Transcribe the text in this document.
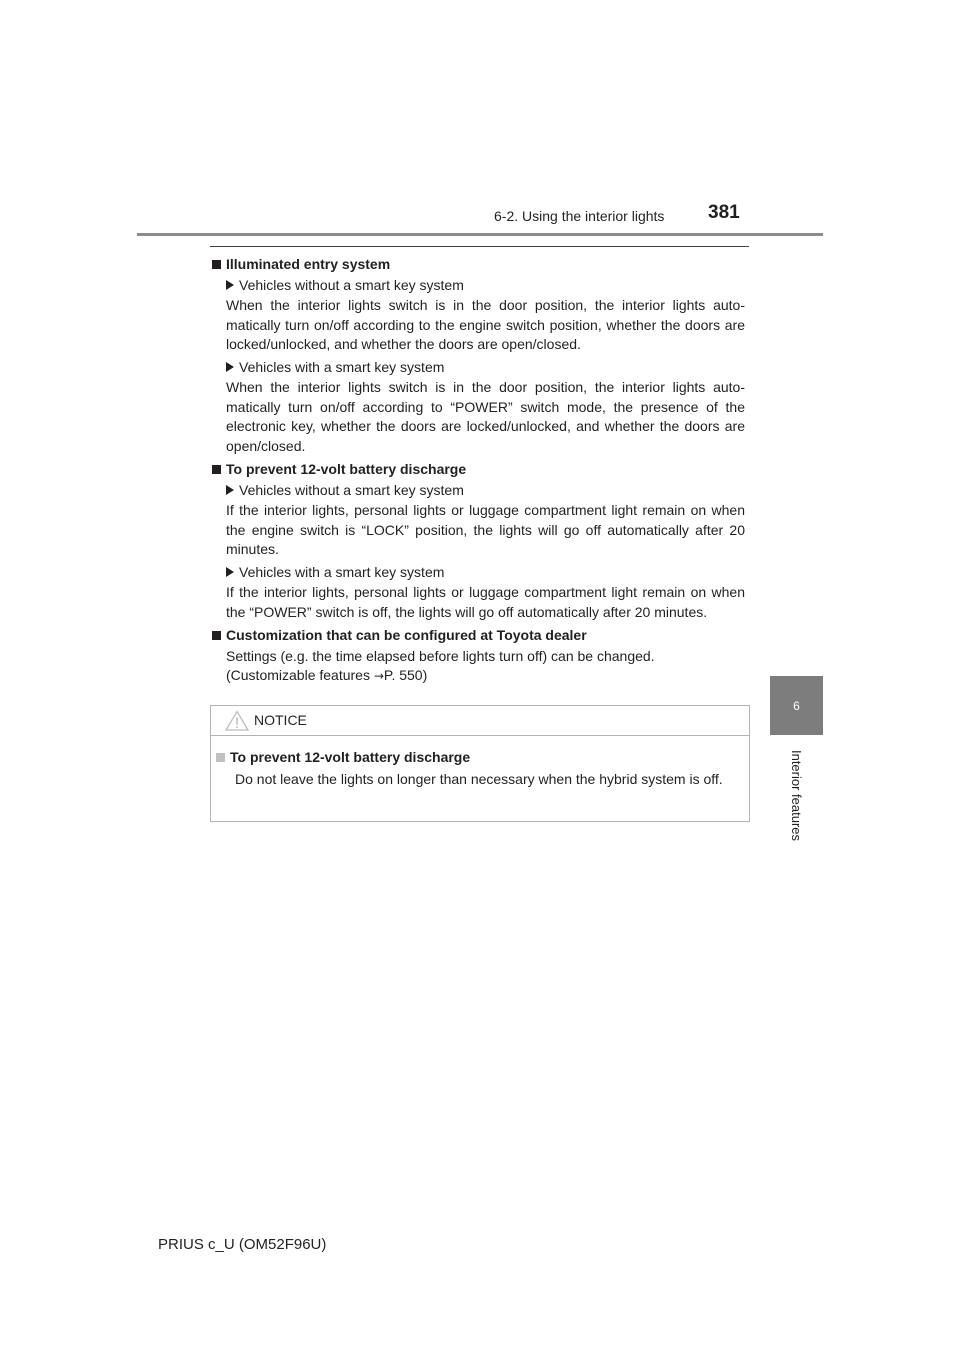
6-2. Using the interior lights 381
6
Interior features
Illuminated entry system
Vehicles without a smart key system
When the interior lights switch is in the door position, the interior lights auto- matically turn on/off according to the engine switch position, whether the doors are locked/unlocked, and whether the doors are open/closed.
Vehicles with a smart key system
When the interior lights switch is in the door position, the interior lights auto- matically turn on/off according to “POWER” switch mode, the presence of the electronic key, whether the doors are locked/unlocked, and whether the doors are open/closed.
To prevent 12-volt battery discharge
Vehicles without a smart key system
If the interior lights, personal lights or luggage compartment light remain on when the engine switch is “LOCK” position, the lights will go off automatically after 20 minutes.
Vehicles with a smart key system
If the interior lights, personal lights or luggage compartment light remain on when the “POWER” switch is off, the lights will go off automatically after 20 minutes.
Customization that can be configured at Toyota dealer
Settings (e.g. the time elapsed before lights turn off) can be changed.
(Customizable features →P. 550)
NOTICE
To prevent 12-volt battery discharge
Do not leave the lights on longer than necessary when the hybrid system is off.
PRIUS c_U (OM52F96U)
